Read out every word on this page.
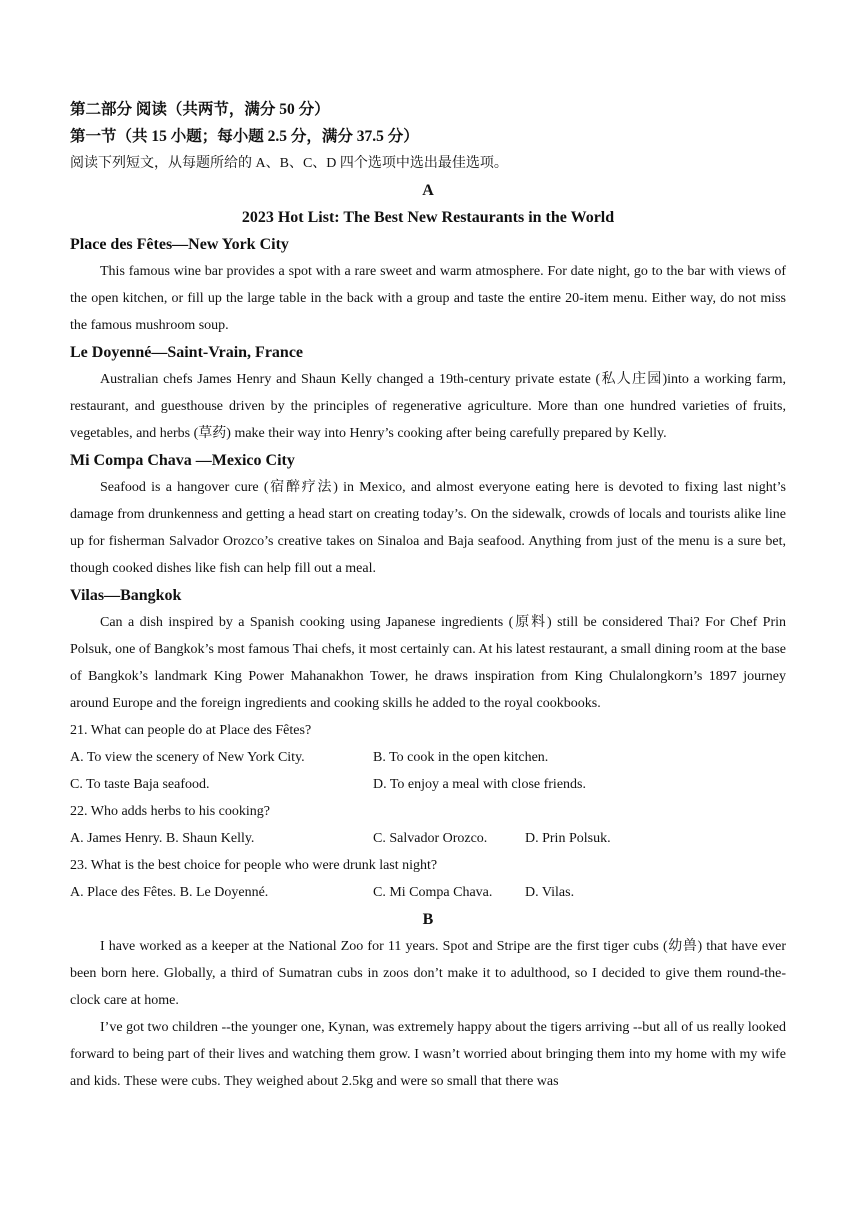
第二部分 阅读（共两节，满分 50 分）
第一节（共 15 小题；每小题 2.5 分，满分 37.5 分）
阅读下列短文，从每题所给的 A、B、C、D 四个选项中选出最佳选项。
A
2023 Hot List: The Best New Restaurants in the World
Place des Fêtes—New York City

This famous wine bar provides a spot with a rare sweet and warm atmosphere. For date night, go to the bar with views of the open kitchen, or fill up the large table in the back with a group and taste the entire 20-item menu. Either way, do not miss the famous mushroom soup.

Le Doyenné—Saint-Vrain, France

Australian chefs James Henry and Shaun Kelly changed a 19th-century private estate (私人庄园)into a working farm, restaurant, and guesthouse driven by the principles of regenerative agriculture. More than one hundred varieties of fruits, vegetables, and herbs (草药) make their way into Henry’s cooking after being carefully prepared by Kelly.

Mi Compa Chava —Mexico City

Seafood is a hangover cure (宿醉疗法) in Mexico, and almost everyone eating here is devoted to fixing last night’s damage from drunkenness and getting a head start on creating today’s. On the sidewalk, crowds of locals and tourists alike line up for fisherman Salvador Orozco’s creative takes on Sinaloa and Baja seafood. Anything from just of the menu is a sure bet, though cooked dishes like fish can help fill out a meal.

Vilas—Bangkok

Can a dish inspired by a Spanish cooking using Japanese ingredients (原料) still be considered Thai? For Chef Prin Polsuk, one of Bangkok’s most famous Thai chefs, it most certainly can. At his latest restaurant, a small dining room at the base of Bangkok’s landmark King Power Mahanakhon Tower, he draws inspiration from King Chulalongkorn’s 1897 journey around Europe and the foreign ingredients and cooking skills he added to the royal cookbooks.

21. What can people do at Place des Fêtes?
A. To view the scenery of New York City.	B. To cook in the open kitchen.
C. To taste Baja seafood.	D. To enjoy a meal with close friends.
22. Who adds herbs to his cooking?
A. James Henry. B. Shaun Kelly.	C. Salvador Orozco.	D. Prin Polsuk.
23. What is the best choice for people who were drunk last night?
A. Place des Fêtes. B. Le Doyenné.	C. Mi Compa Chava.	D. Vilas.
B

I have worked as a keeper at the National Zoo for 11 years. Spot and Stripe are the first tiger cubs (幼兽) that have ever been born here. Globally, a third of Sumatran cubs in zoos don’t make it to adulthood, so I decided to give them round-the-clock care at home.

I’ve got two children --the younger one, Kynan, was extremely happy about the tigers arriving --but all of us really looked forward to being part of their lives and watching them grow. I wasn’t worried about bringing them into my home with my wife and kids. These were cubs. They weighed about 2.5kg and were so small that there was
